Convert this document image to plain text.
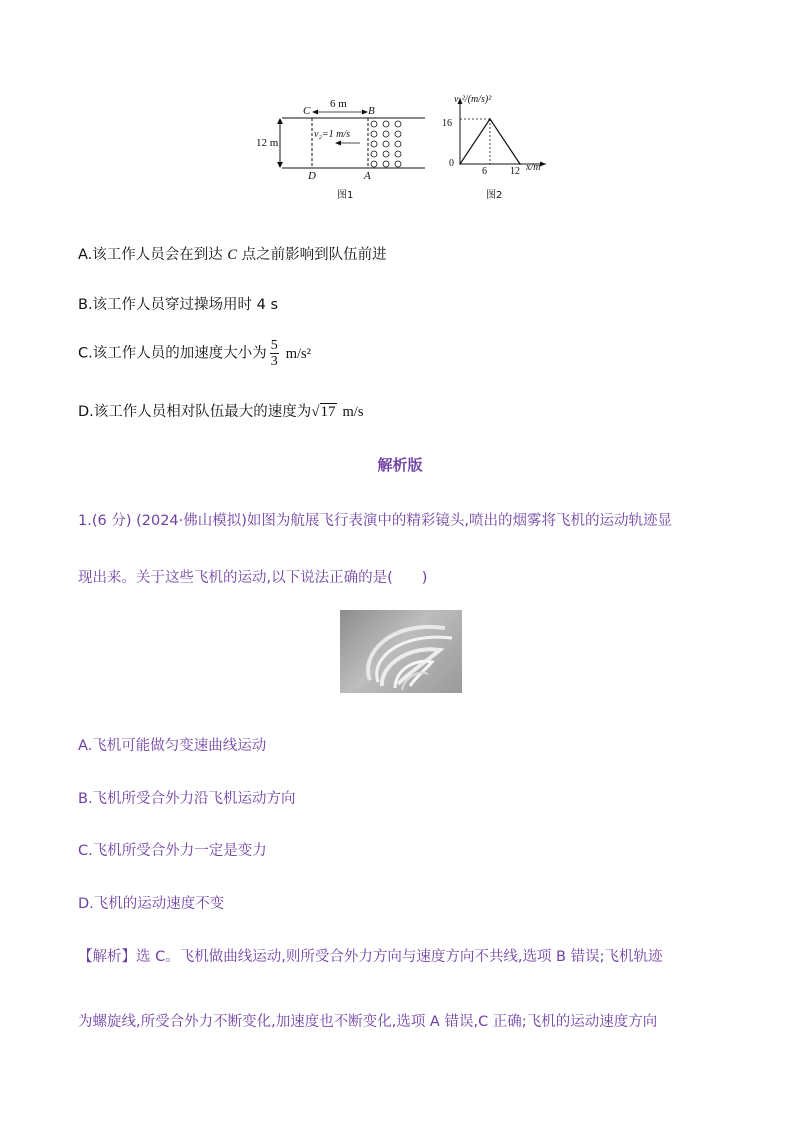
C	B
6 m
12 m
v₂=1 m/s
D	A
图1
v₁²/(m/s)²
16
0
6 12 x/m
图2
A.该工作人员会在到达 C 点之前影响到队伍前进
B.该工作人员穿过操场用时 4 s
C.该工作人员的加速度大小为 $\frac{5}{3} m/s^2$
D.该工作人员相对队伍最大的速度为√17 m/s
解析版
1.(6 分) (2024·佛山模拟)如图为航展飞行表演中的精彩镜头,喷出的烟雾将飞机的运动轨迹显
现出来。关于这些飞机的运动,以下说法正确的是(　　)
A.飞机可能做匀变速曲线运动
B.飞机所受合外力沿飞机运动方向
C.飞机所受合外力一定是变力
D.飞机的运动速度不变
【解析】选 C。飞机做曲线运动,则所受合外力方向与速度方向不共线,选项 B 错误;飞机轨迹
为螺旋线,所受合外力不断变化,加速度也不断变化,选项 A 错误,C 正确;飞机的运动速度方向
